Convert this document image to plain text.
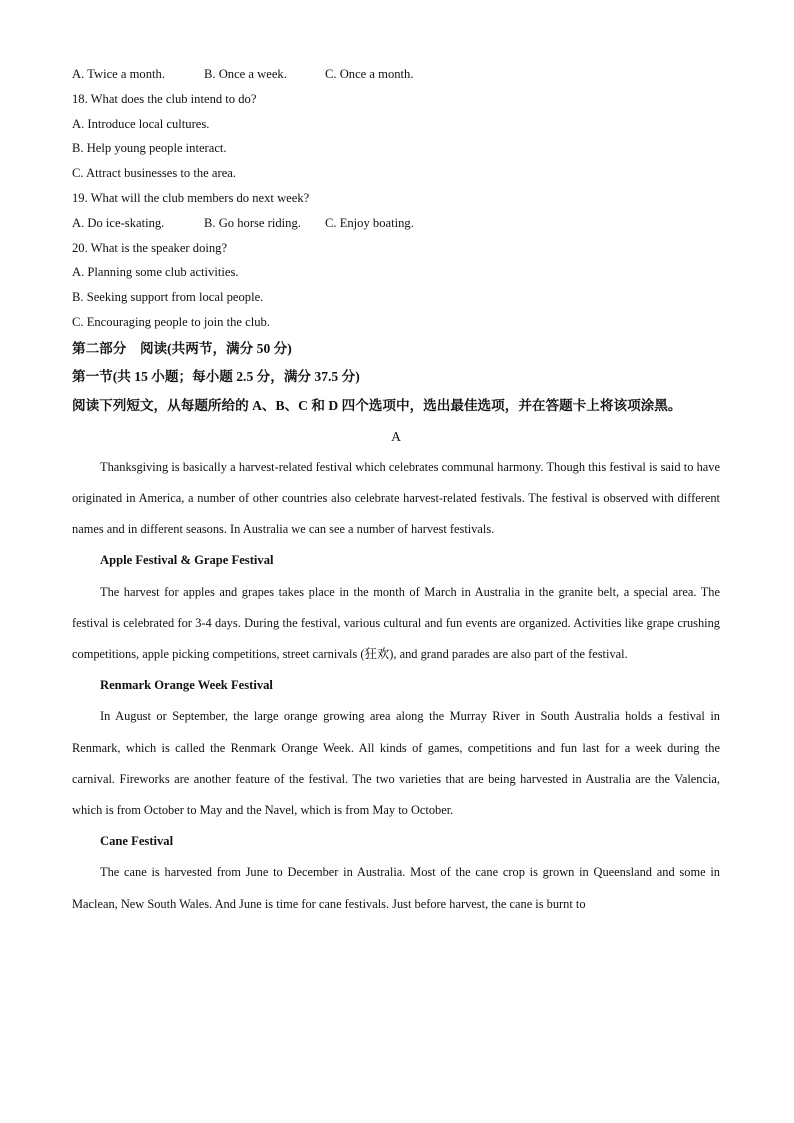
A. Twice a month.	B. Once a week.	C. Once a month.
18. What does the club intend to do?
A. Introduce local cultures.
B. Help young people interact.
C. Attract businesses to the area.
19. What will the club members do next week?
A. Do ice-skating.	B. Go horse riding. C. Enjoy boating.
20. What is the speaker doing?
A. Planning some club activities.
B. Seeking support from local people.
C. Encouraging people to join the club.
第二部分　阅读(共两节，满分 50 分)
第一节(共 15 小题；每小题 2.5 分，满分 37.5 分)
阅读下列短文，从每题所给的 A、B、C 和 D 四个选项中，选出最佳选项，并在答题卡上将该项涂黑。
A
Thanksgiving is basically a harvest-related festival which celebrates communal harmony. Though this festival is said to have originated in America, a number of other countries also celebrate harvest-related festivals. The festival is observed with different names and in different seasons. In Australia we can see a number of harvest festivals.
Apple Festival & Grape Festival
The harvest for apples and grapes takes place in the month of March in Australia in the granite belt, a special area. The festival is celebrated for 3-4 days. During the festival, various cultural and fun events are organized. Activities like grape crushing competitions, apple picking competitions, street carnivals (狂欢), and grand parades are also part of the festival.
Renmark Orange Week Festival
In August or September, the large orange growing area along the Murray River in South Australia holds a festival in Renmark, which is called the Renmark Orange Week. All kinds of games, competitions and fun last for a week during the carnival. Fireworks are another feature of the festival. The two varieties that are being harvested in Australia are the Valencia, which is from October to May and the Navel, which is from May to October.
Cane Festival
The cane is harvested from June to December in Australia. Most of the cane crop is grown in Queensland and some in Maclean, New South Wales. And June is time for cane festivals. Just before harvest, the cane is burnt to
